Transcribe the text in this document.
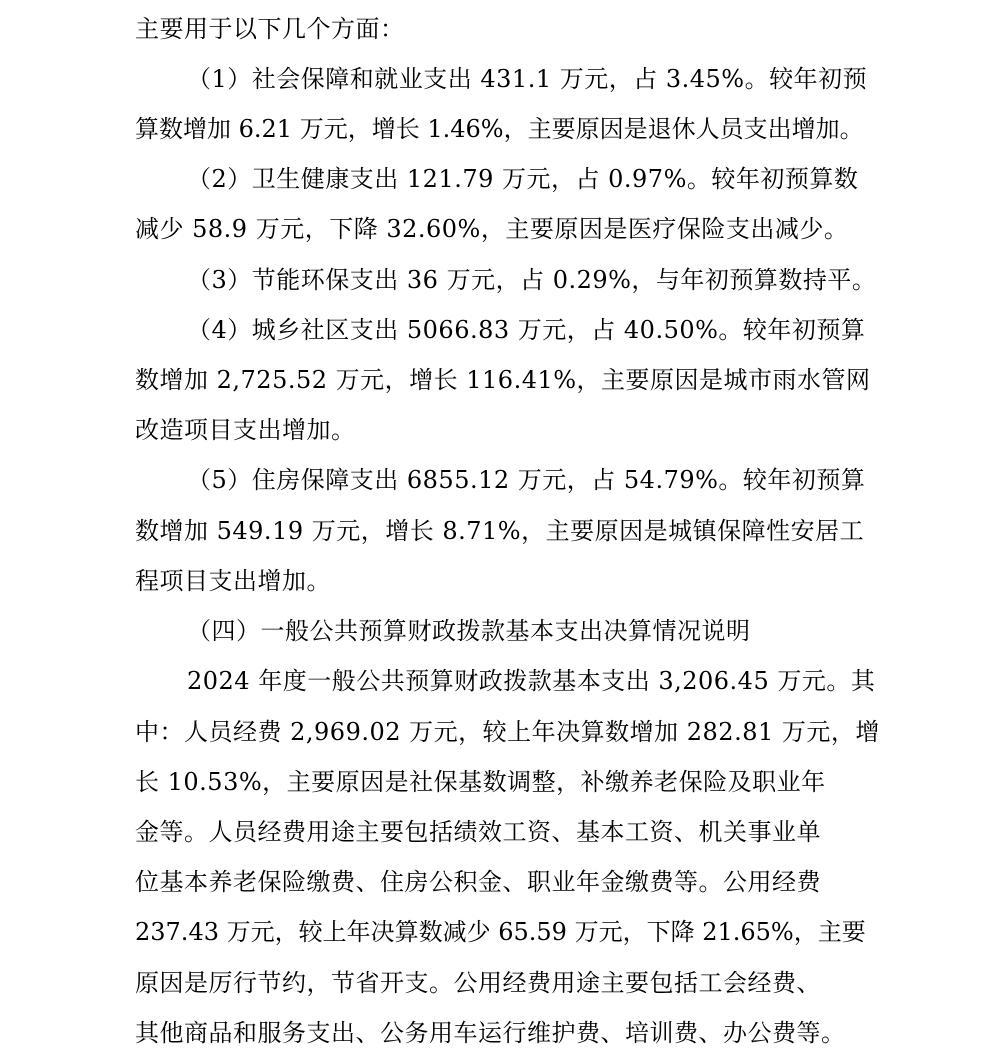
主要用于以下几个方面：
（1）社会保障和就业支出 431.1 万元，占 3.45%。较年初预
算数增加 6.21 万元，增长 1.46%，主要原因是退休人员支出增加。
（2）卫生健康支出 121.79 万元，占 0.97%。较年初预算数
减少 58.9 万元，下降 32.60%，主要原因是医疗保险支出减少。
（3）节能环保支出 36 万元，占 0.29%，与年初预算数持平。
（4）城乡社区支出 5066.83 万元，占 40.50%。较年初预算
数增加 2,725.52 万元，增长 116.41%，主要原因是城市雨水管网
改造项目支出增加。
（5）住房保障支出 6855.12 万元，占 54.79%。较年初预算
数增加 549.19 万元，增长 8.71%，主要原因是城镇保障性安居工
程项目支出增加。
（四）一般公共预算财政拨款基本支出决算情况说明
2024 年度一般公共预算财政拨款基本支出 3,206.45 万元。其
中：人员经费 2,969.02 万元，较上年决算数增加 282.81 万元，增
长 10.53%，主要原因是社保基数调整，补缴养老保险及职业年
金等。人员经费用途主要包括绩效工资、基本工资、机关事业单
位基本养老保险缴费、住房公积金、职业年金缴费等。公用经费
237.43 万元，较上年决算数减少 65.59 万元，下降 21.65%，主要
原因是厉行节约，节省开支。公用经费用途主要包括工会经费、
其他商品和服务支出、公务用车运行维护费、培训费、办公费等。
